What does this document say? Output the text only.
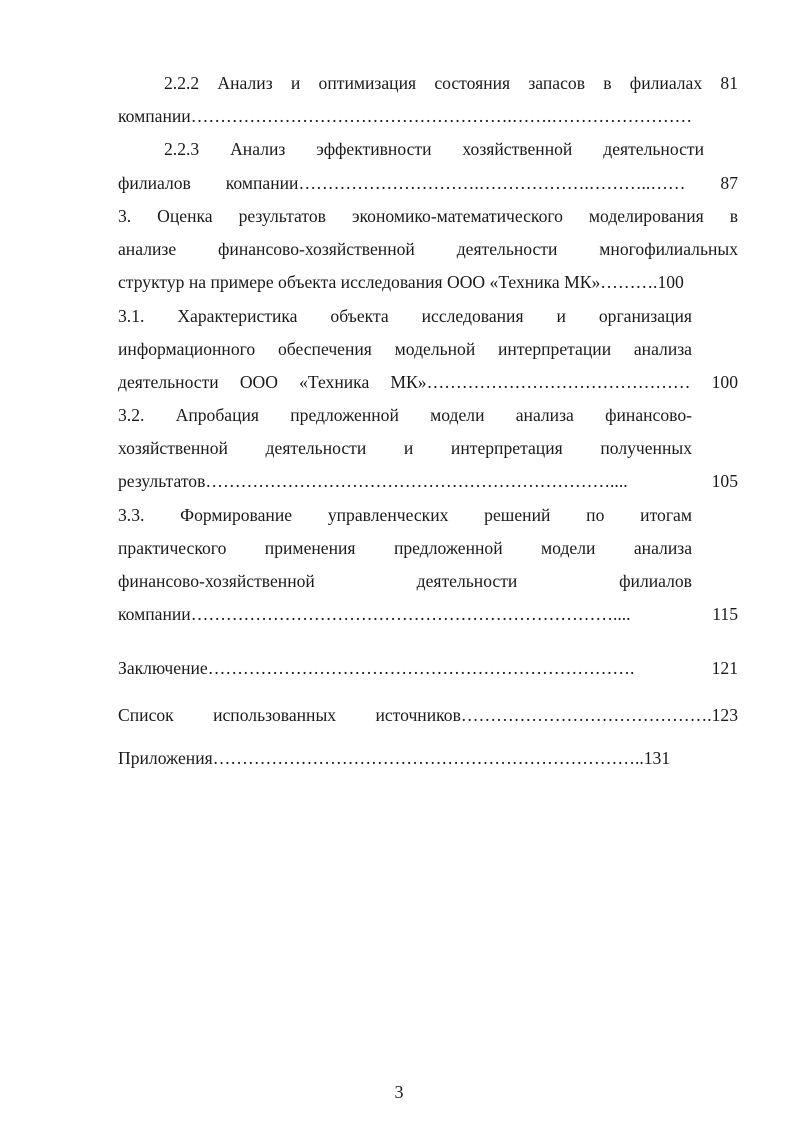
2.2.2 Анализ и оптимизация состояния запасов в филиалах 81
компании……………………………………………….…….……………………
2.2.3 Анализ эффективности хозяйственной деятельности
филиалов компании………………………….……………….………..…… 87
3. Оценка результатов экономико-математического моделирования в
анализе финансово-хозяйственной деятельности многофилиальных
структур на примере объекта исследования ООО «Техника МК»……….100
3.1. Характеристика объекта исследования и организация
информационного обеспечения модельной интерпретации анализа
деятельности ООО «Техника МК»……………………………………… 100
3.2. Апробация предложенной модели анализа финансово-
хозяйственной деятельности и интерпретация полученных
результатов…………………………………………………………….... 105
3.3. Формирование управленческих решений по итогам
практического применения предложенной модели анализа
финансово-хозяйственной деятельности филиалов
компании……………………………………………………………….... 115
Заключение………………………………………………………………. 121
Список использованных источников…………………………………….123
Приложения………………………………………………………………..131
3
